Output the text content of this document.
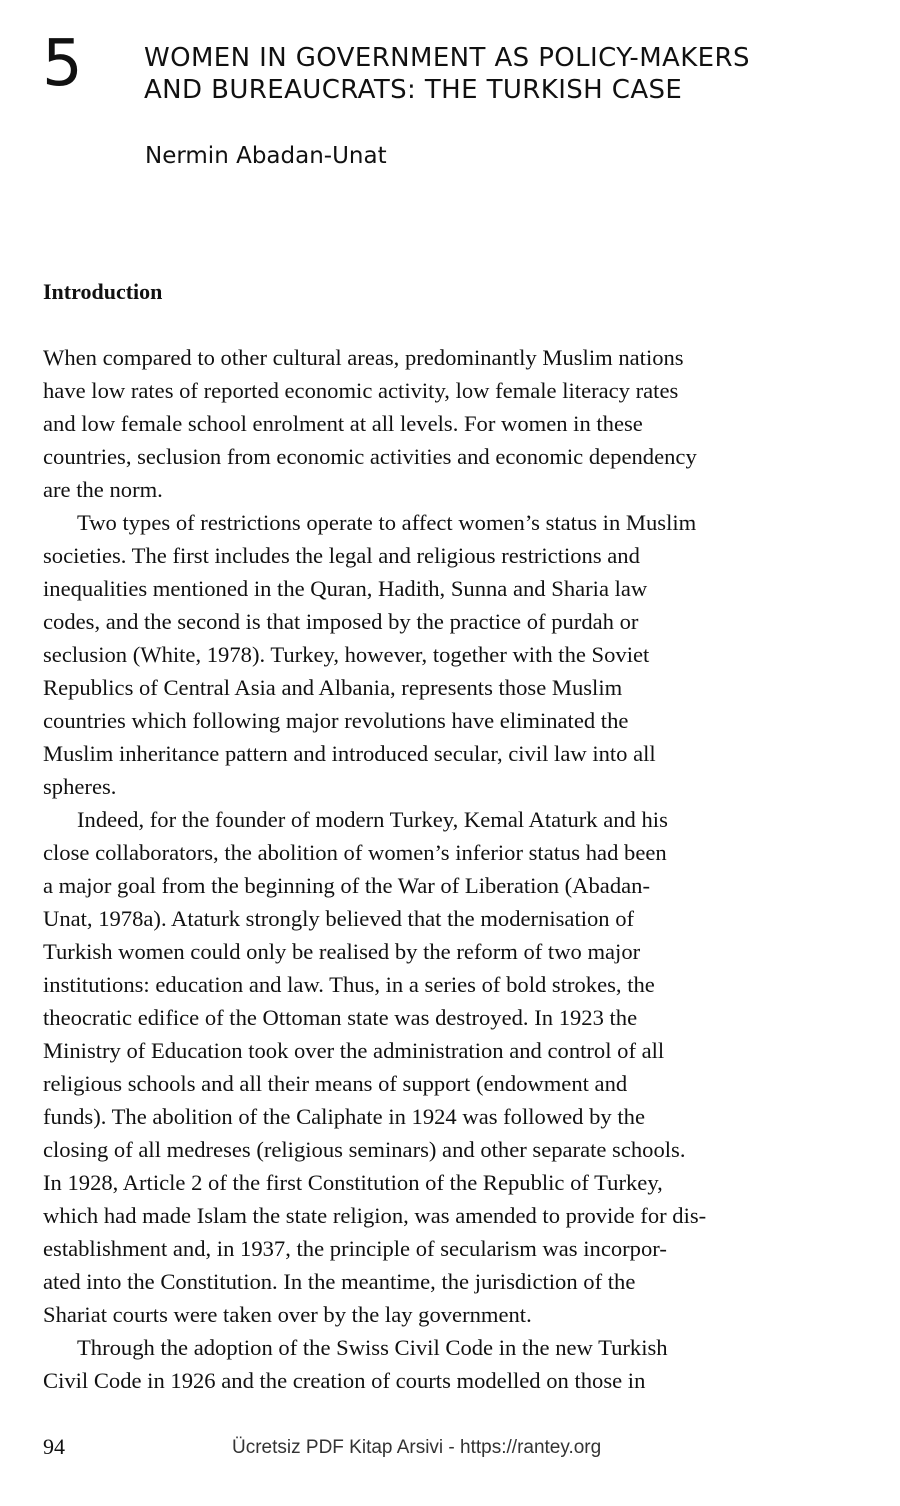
5 WOMEN IN GOVERNMENT AS POLICY-MAKERS
AND BUREAUCRATS: THE TURKISH CASE
Nermin Abadan-Unat
Introduction
When compared to other cultural areas, predominantly Muslim nations
have low rates of reported economic activity, low female literacy rates
and low female school enrolment at all levels. For women in these
countries, seclusion from economic activities and economic dependency
are the norm.
Two types of restrictions operate to affect women’s status in Muslim
societies. The first includes the legal and religious restrictions and
inequalities mentioned in the Quran, Hadith, Sunna and Sharia law
codes, and the second is that imposed by the practice of purdah or
seclusion (White, 1978). Turkey, however, together with the Soviet
Republics of Central Asia and Albania, represents those Muslim
countries which following major revolutions have eliminated the
Muslim inheritance pattern and introduced secular, civil law into all
spheres.
Indeed, for the founder of modern Turkey, Kemal Ataturk and his
close collaborators, the abolition of women’s inferior status had been
a major goal from the beginning of the War of Liberation (Abadan-
Unat, 1978a). Ataturk strongly believed that the modernisation of
Turkish women could only be realised by the reform of two major
institutions: education and law. Thus, in a series of bold strokes, the
theocratic edifice of the Ottoman state was destroyed. In 1923 the
Ministry of Education took over the administration and control of all
religious schools and all their means of support (endowment and
funds). The abolition of the Caliphate in 1924 was followed by the
closing of all medreses (religious seminars) and other separate schools.
In 1928, Article 2 of the first Constitution of the Republic of Turkey,
which had made Islam the state religion, was amended to provide for dis-
establishment and, in 1937, the principle of secularism was incorpor-
ated into the Constitution. In the meantime, the jurisdiction of the
Shariat courts were taken over by the lay government.
Through the adoption of the Swiss Civil Code in the new Turkish
Civil Code in 1926 and the creation of courts modelled on those in
94	Ücretsiz PDF Kitap Arsivi - https://rantey.org
